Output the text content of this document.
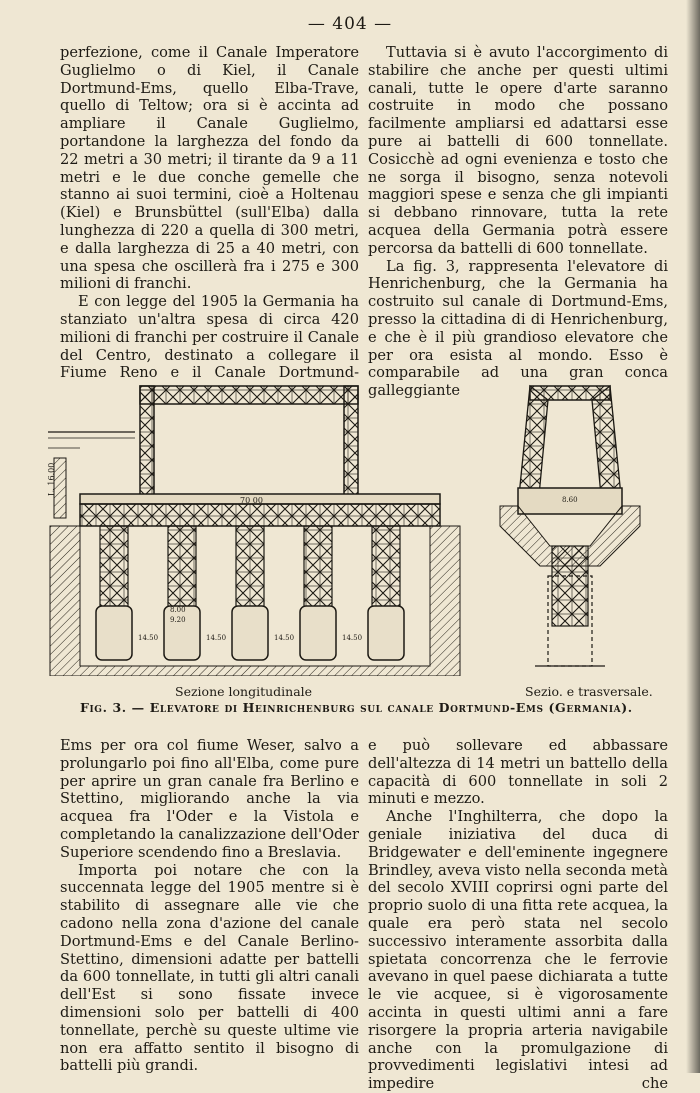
— 404 —

perfezione, come il Canale Imperatore Guglielmo o di Kiel, il Canale Dortmund-Ems, quello Elba-Trave, quello di Teltow; ora si è accinta ad ampliare il Canale Guglielmo, portandone la larghezza del fondo da 22 metri a 30 metri; il tirante da 9 a 11 metri e le due conche gemelle che stanno ai suoi termini, cioè a Holtenau (Kiel) e Brunsbüttel (sull'Elba) dalla lunghezza di 220 a quella di 300 metri, e dalla larghezza di 25 a 40 metri, con una spesa che oscillerà fra i 275 e 300 milioni di franchi.

E con legge del 1905 la Germania ha stanziato un'altra spesa di circa 420 milioni di franchi per costruire il Canale del Centro, destinato a collegare il Fiume Reno e il Canale Dortmund-

Tuttavia si è avuto l'accorgimento di stabilire che anche per questi ultimi canali, tutte le opere d'arte saranno costruite in modo che possano facilmente ampliarsi ed adattarsi esse pure ai battelli di 600 tonnellate. Cosicchè ad ogni evenienza e tosto che ne sorga il bisogno, senza notevoli maggiori spese e senza che gli impianti si debbano rinnovare, tutta la rete acquea della Germania potrà essere percorsa da battelli di 600 tonnellate.

La fig. 3, rappresenta l'elevatore di Henrichenburg, che la Germania ha costruito sul canale di Dortmund-Ems, presso la cittadina di di Henrichenburg, e che è il più grandioso elevatore che per ora esista al mondo. Esso è comparabile ad una gran conca galleggiante

L. 16.00
70 00
14.50	14.50	14.50	14.50
8.00
9.20
8.60
Sezione longitudinale	Sezio. e trasversale.
Fig. 3. — Elevatore di Heinrichenburg sul canale Dortmund-Ems (Germania).

Ems per ora col fiume Weser, salvo a prolungarlo poi fino all'Elba, come pure per aprire un gran canale fra Berlino e Stettino, migliorando anche la via acquea fra l'Oder e la Vistola e completando la canalizzazione dell'Oder Superiore scendendo fino a Breslavia.

Importa poi notare che con la succennata legge del 1905 mentre si è stabilito di assegnare alle vie che cadono nella zona d'azione del canale Dortmund-Ems e del Canale Berlino-Stettino, dimensioni adatte per battelli da 600 tonnellate, in tutti gli altri canali dell'Est si sono fissate invece dimensioni solo per battelli di 400 tonnellate, perchè su queste ultime vie non era affatto sentito il bisogno di battelli più grandi.

e può sollevare ed abbassare dell'altezza di 14 metri un battello della capacità di 600 tonnellate in soli 2 minuti e mezzo.

Anche l'Inghilterra, che dopo la geniale iniziativa del duca di Bridgewater e dell'eminente ingegnere Brindley, aveva visto nella seconda metà del secolo XVIII coprirsi ogni parte del proprio suolo di una fitta rete acquea, la quale era però stata nel secolo successivo interamente assorbita dalla spietata concorrenza che le ferrovie avevano in quel paese dichiarata a tutte le vie acquee, si è vigorosamente accinta in questi ultimi anni a fare risorgere la propria arteria navigabile anche con la promulgazione di provvedimenti legislativi intesi ad impedire che
